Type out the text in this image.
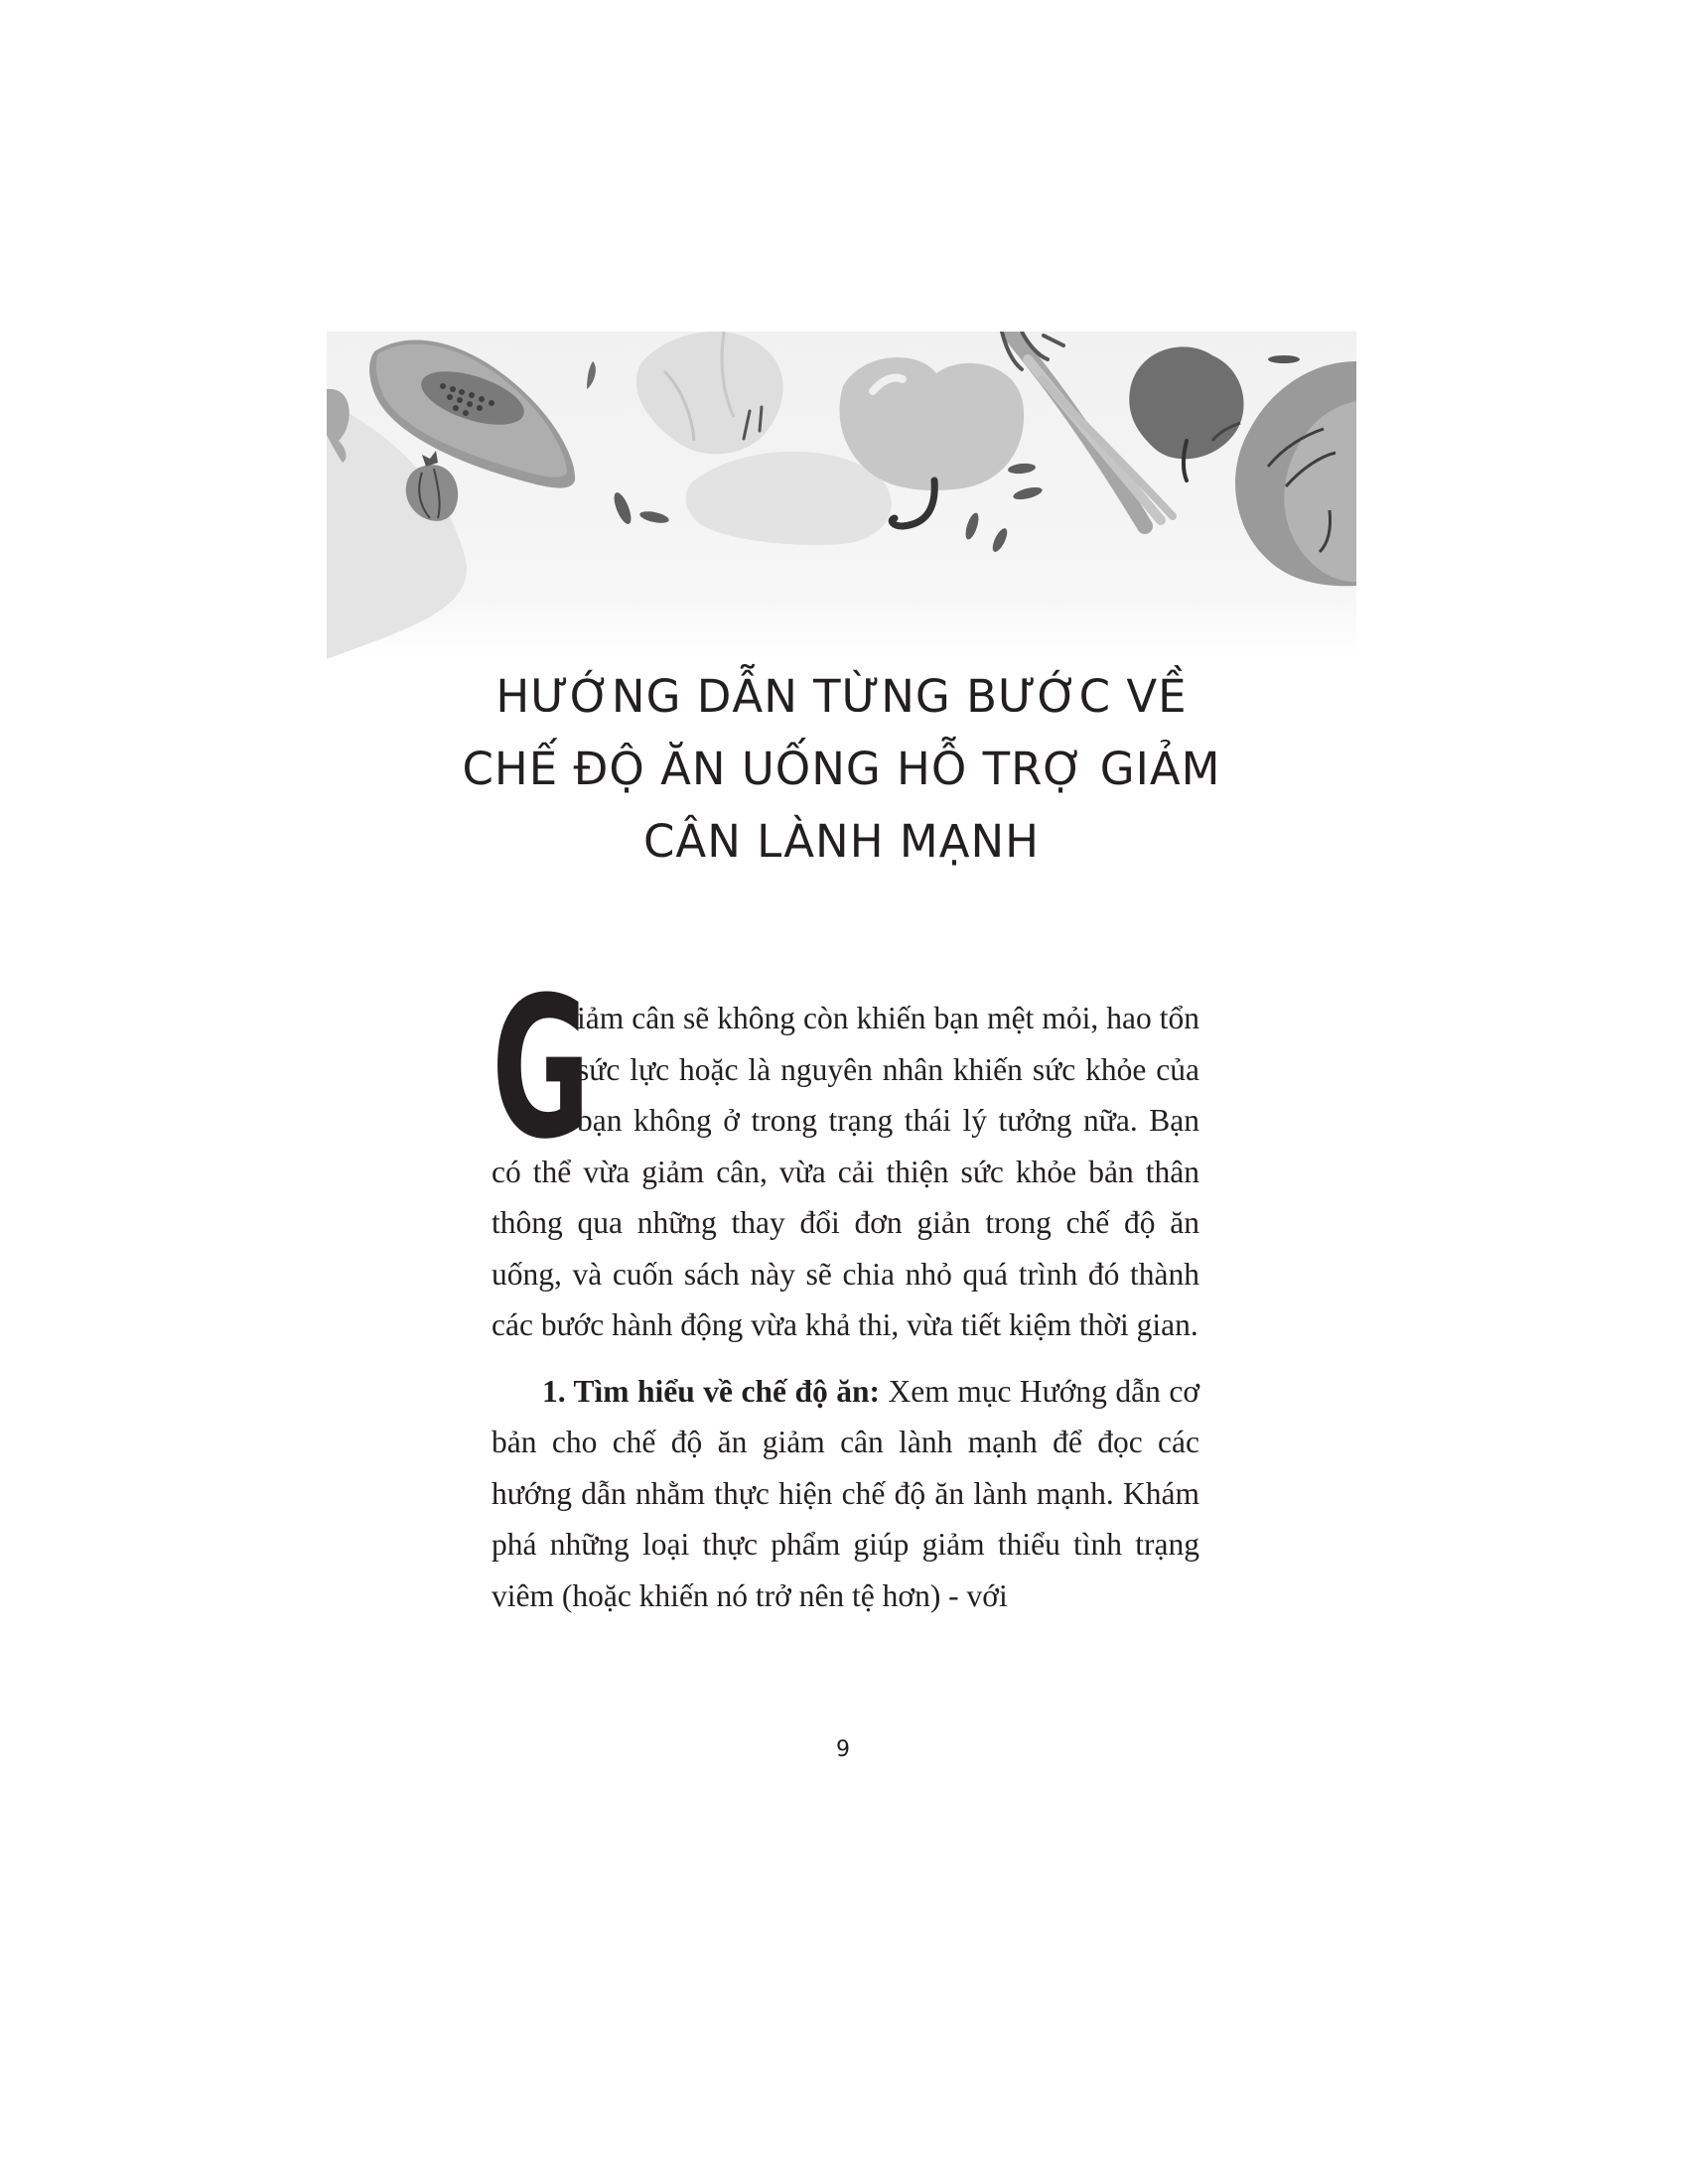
HƯỚNG DẪN TỪNG BƯỚC VỀ
CHẾ ĐỘ ĂN UỐNG HỖ TRỢ GIẢM
CÂN LÀNH MẠNH

G
iảm cân sẽ không còn khiến bạn mệt mỏi, hao tổn sức lực hoặc là nguyên nhân khiến sức khỏe của bạn không ở trong trạng thái lý tưởng nữa. Bạn có thể vừa giảm cân, vừa cải thiện sức khỏe bản thân thông qua những thay đổi đơn giản trong chế độ ăn uống, và cuốn sách này sẽ chia nhỏ quá trình đó thành các bước hành động vừa khả thi, vừa tiết kiệm thời gian.

1. Tìm hiểu về chế độ ăn: Xem mục Hướng dẫn cơ bản cho chế độ ăn giảm cân lành mạnh để đọc các hướng dẫn nhằm thực hiện chế độ ăn lành mạnh. Khám phá những loại thực phẩm giúp giảm thiểu tình trạng viêm (hoặc khiến nó trở nên tệ hơn) - với

9
